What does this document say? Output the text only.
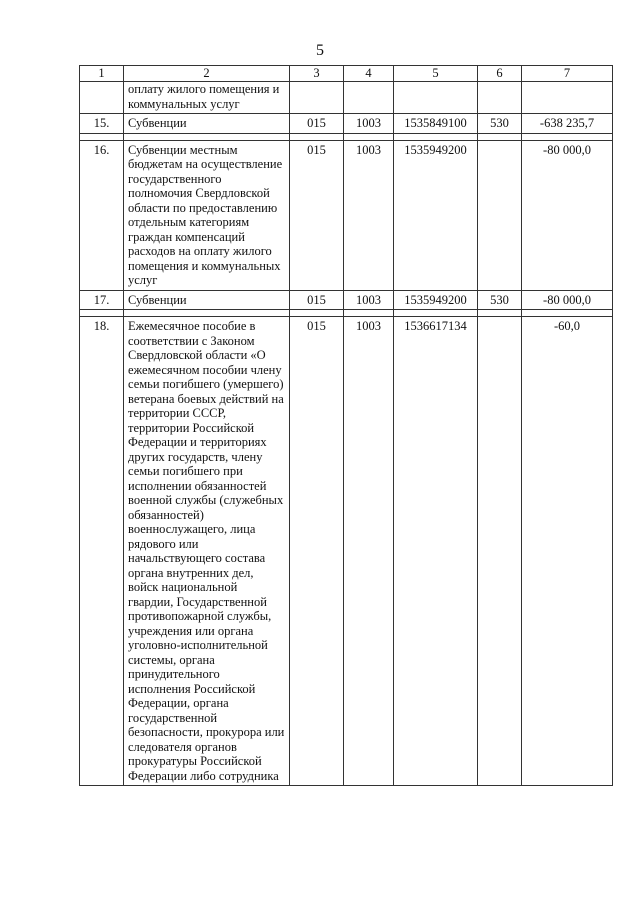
5
1	2	3	4	5	6	7
	оплату жилого помещения и коммунальных услуг					
15.	Субвенции	015	1003	1535849100	530	-638 235,7

16.	Субвенции местным бюджетам на осуществление государственного полномочия Свердловской области по предоставлению отдельным категориям граждан компенсаций расходов на оплату жилого помещения и коммунальных услуг	015	1003	1535949200		-80 000,0
17.	Субвенции	015	1003	1535949200	530	-80 000,0

18.	Ежемесячное пособие в соответствии с Законом Свердловской области «О ежемесячном пособии члену семьи погибшего (умершего) ветерана боевых действий на территории СССР, территории Российской Федерации и территориях других государств, члену семьи погибшего при исполнении обязанностей военной службы (служебных обязанностей) военнослужащего, лица рядового или начальствующего состава органа внутренних дел, войск национальной гвардии, Государственной противопожарной службы, учреждения или органа уголовно-исполнительной системы, органа принудительного исполнения Российской Федерации, органа государственной безопасности, прокурора или следователя органов прокуратуры Российской Федерации либо сотрудника	015	1003	1536617134		-60,0
